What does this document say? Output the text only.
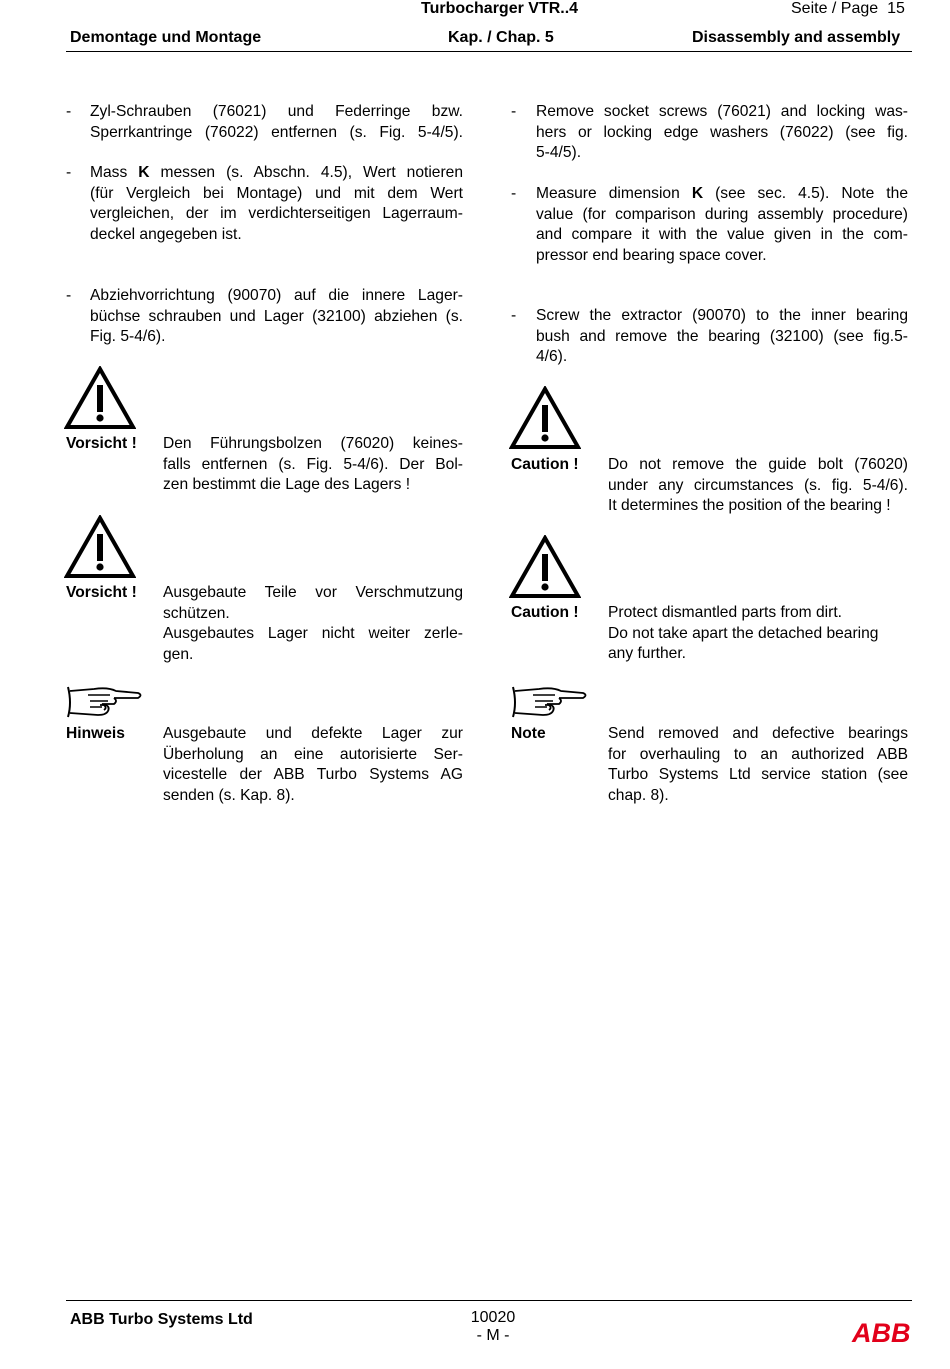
Turbocharger VTR..4	Seite / Page  15
Demontage und Montage	Kap. / Chap. 5	Disassembly and assembly
- Zyl-Schrauben (76021) und Federringe bzw.
Sperrkantringe (76022) entfernen (s. Fig. 5-4/5).
- Mass K messen (s. Abschn. 4.5), Wert notieren
(für Vergleich bei Montage) und mit dem Wert
vergleichen, der im verdichterseitigen Lagerraum-
deckel angegeben ist.
- Abziehvorrichtung (90070) auf die innere Lager-
büchse schrauben und Lager (32100) abziehen (s.
Fig. 5-4/6).
- Remove socket screws (76021) and locking was-
hers or locking edge washers (76022) (see fig.
5-4/5).
- Measure dimension K (see sec. 4.5). Note the
value (for comparison during assembly procedure)
and compare it with the value given in the com-
pressor end bearing space cover.
- Screw the extractor (90070) to the inner bearing
bush and remove the bearing (32100) (see fig.5-
4/6).
Vorsicht ! Den Führungsbolzen (76020) keines-
falls entfernen (s. Fig. 5-4/6). Der Bol-
zen bestimmt die Lage des Lagers !
Vorsicht ! Ausgebaute Teile vor Verschmutzung
schützen.
Ausgebautes Lager nicht weiter zerle-
gen.
Hinweis Ausgebaute und defekte Lager zur
Überholung an eine autorisierte Ser-
vicestelle der ABB Turbo Systems AG
senden (s. Kap. 8).
Caution ! Do not remove the guide bolt (76020)
under any circumstances (s. fig. 5-4/6).
It determines the position of the bearing !
Caution ! Protect dismantled parts from dirt.
Do not take apart the detached bearing
any further.
Note	Send removed and defective bearings
for overhauling to an authorized ABB
Turbo Systems Ltd service station (see
chap. 8).
ABB Turbo Systems Ltd	10020
- M -	ABB
